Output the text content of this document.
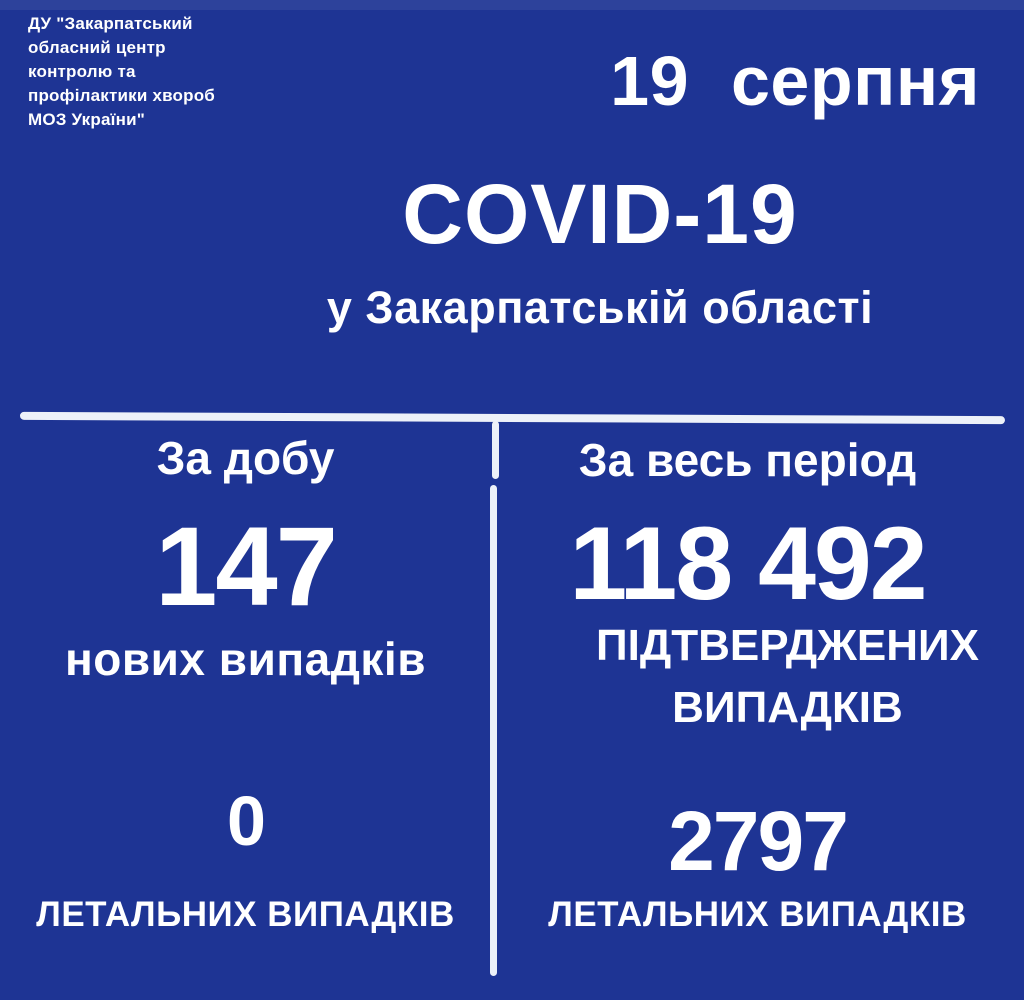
ДУ "Закарпатський
обласний центр
контролю та
профілактики хвороб
МОЗ України"	19 серпня
COVID-19
у Закарпатській області
За добу
147
нових випадків
0
ЛЕТАЛЬНИХ ВИПАДКІВ
За весь період
118 492
ПІДТВЕРДЖЕНИХ
ВИПАДКІВ
2797
ЛЕТАЛЬНИХ ВИПАДКІВ
